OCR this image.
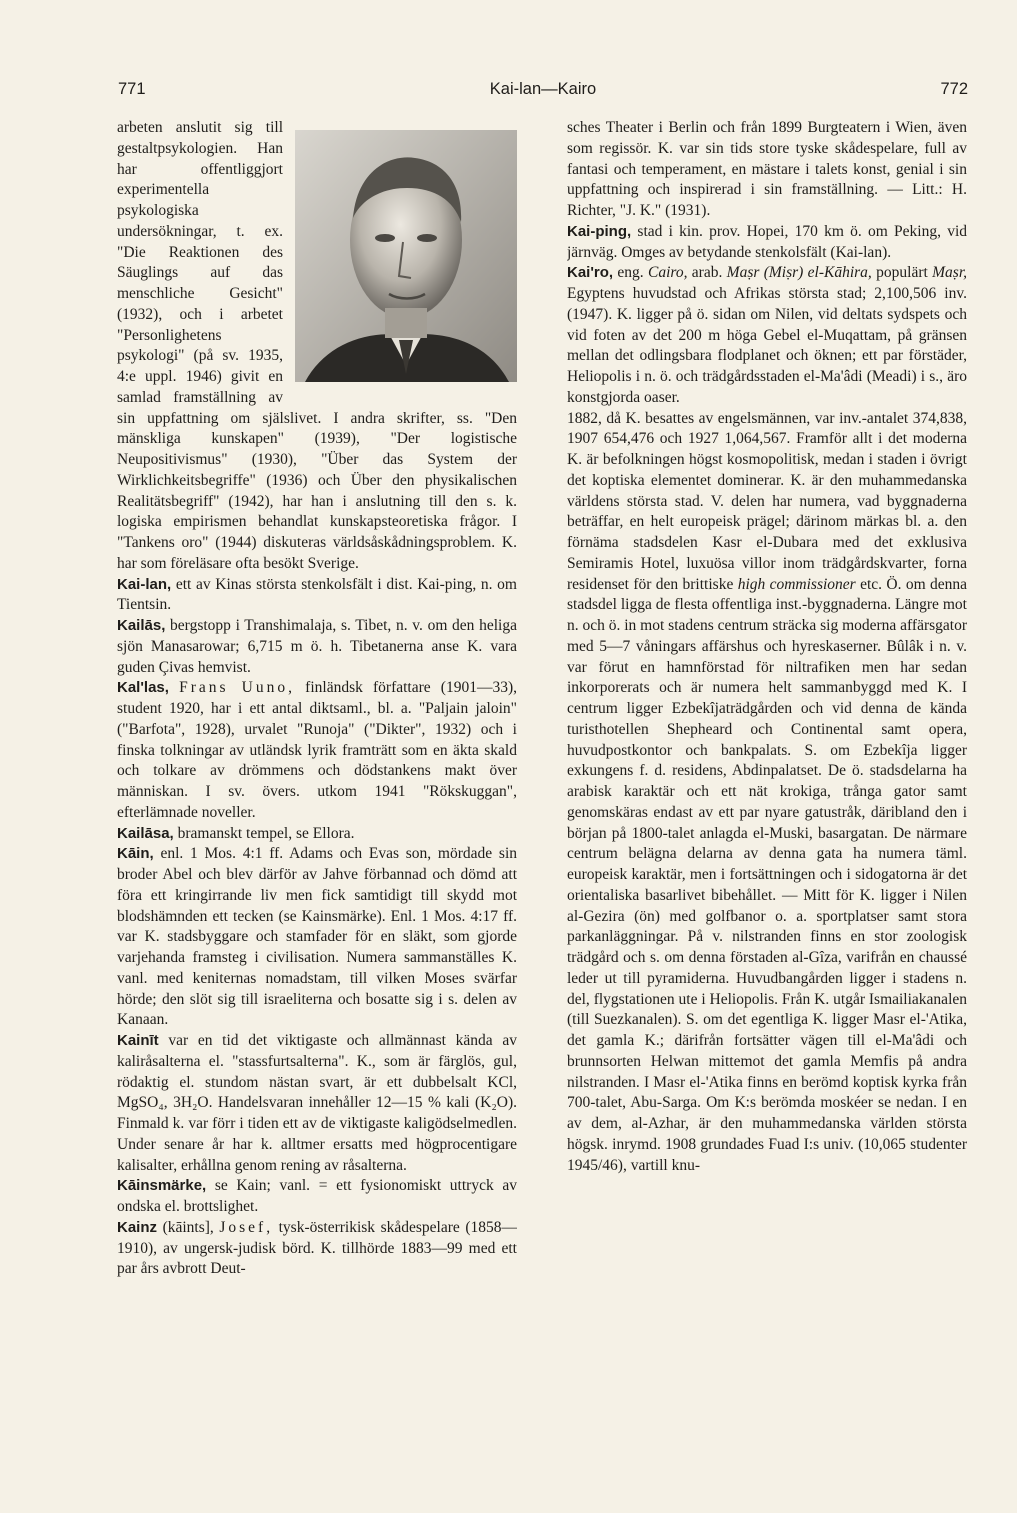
771	Kai-lan—Kairo	772

arbeten anslutit sig till gestaltpsykologien. Han har offentliggjort experimentella psykologiska undersökningar, t. ex. "Die Reaktionen des Säuglings auf das menschliche Gesicht" (1932), och i arbetet "Personlighetens psykologi" (på sv. 1935, 4:e uppl. 1946) givit en samlad framställning av sin uppfattning om själslivet. I andra skrifter, ss. "Den mänskliga kunskapen" (1939), "Der logistische Neupositivismus" (1930), "Über das System der Wirklichkeitsbegriffe" (1936) och Über den physikalischen Realitätsbegriff" (1942), har han i anslutning till den s. k. logiska empirismen behandlat kunskapsteoretiska frågor. I "Tankens oro" (1944) diskuteras världsåskådningsproblem. K. har som föreläsare ofta besökt Sverige.

Kai-lan, ett av Kinas största stenkolsfält i dist. Kai-ping, n. om Tientsin.

Kailās, bergstopp i Transhimalaja, s. Tibet, n. v. om den heliga sjön Manasarowar; 6,715 m ö. h. Tibetanerna anse K. vara guden Çivas hemvist.

Kal'las, Frans Uuno, finländsk författare (1901—33), student 1920, har i ett antal diktsaml., bl. a. "Paljain jaloin" ("Barfota", 1928), urvalet "Runoja" ("Dikter", 1932) och i finska tolkningar av utländsk lyrik framträtt som en äkta skald och tolkare av drömmens och dödstankens makt över människan. I sv. övers. utkom 1941 "Rökskuggan", efterlämnade noveller.

Kailāsa, bramanskt tempel, se Ellora.

Kāin, enl. 1 Mos. 4:1 ff. Adams och Evas son, mördade sin broder Abel och blev därför av Jahve förbannad och dömd att föra ett kringirrande liv men fick samtidigt till skydd mot blodshämnden ett tecken (se Kainsmärke). Enl. 1 Mos. 4:17 ff. var K. stadsbyggare och stamfader för en släkt, som gjorde varjehanda framsteg i civilisation. Numera sammanställes K. vanl. med keniternas nomadstam, till vilken Moses svärfar hörde; den slöt sig till israeliterna och bosatte sig i s. delen av Kanaan.

Kainīt var en tid det viktigaste och allmännast kända av kaliråsalterna el. "stassfurtsalterna". K., som är färglös, gul, rödaktig el. stundom nästan svart, är ett dubbelsalt KCl, MgSO₄, 3H₂O. Handelsvaran innehåller 12—15 % kali (K₂O). Finmald k. var förr i tiden ett av de viktigaste kaligödselmedlen. Under senare år har k. alltmer ersatts med högprocentigare kalisalter, erhållna genom rening av råsalterna.

Kāinsmärke, se Kain; vanl. = ett fysionomiskt uttryck av ondska el. brottslighet.

Kainz (kāints], Josef, tysk-österrikisk skådespelare (1858—1910), av ungersk-judisk börd. K. tillhörde 1883—99 med ett par års avbrott Deut-

sches Theater i Berlin och från 1899 Burgteatern i Wien, även som regissör. K. var sin tids store tyske skådespelare, full av fantasi och temperament, en mästare i talets konst, genial i sin uppfattning och inspirerad i sin framställning. — Litt.: H. Richter, "J. K." (1931).

Kai-ping, stad i kin. prov. Hopei, 170 km ö. om Peking, vid järnväg. Omges av betydande stenkolsfält (Kai-lan).

Kai'ro, eng. Cairo, arab. Maṣr (Miṣr) el-Kāhira, populärt Maṣr, Egyptens huvudstad och Afrikas största stad; 2,100,506 inv. (1947). K. ligger på ö. sidan om Nilen, vid deltats sydspets och vid foten av det 200 m höga Gebel el-Muqattam, på gränsen mellan det odlingsbara flodplanet och öknen; ett par förstäder, Heliopolis i n. ö. och trädgårdsstaden el-Ma'âdi (Meadi) i s., äro konstgjorda oaser.

1882, då K. besattes av engelsmännen, var inv.-antalet 374,838, 1907 654,476 och 1927 1,064,567. Framför allt i det moderna K. är befolkningen högst kosmopolitisk, medan i staden i övrigt det koptiska elementet dominerar. K. är den muhammedanska världens största stad. V. delen har numera, vad byggnaderna beträffar, en helt europeisk prägel; därinom märkas bl. a. den förnäma stadsdelen Kasr el-Dubara med det exklusiva Semiramis Hotel, luxuösa villor inom trädgårdskvarter, forna residenset för den brittiske high commissioner etc. Ö. om denna stadsdel ligga de flesta offentliga inst.-byggnaderna. Längre mot n. och ö. in mot stadens centrum sträcka sig moderna affärsgator med 5—7 våningars affärshus och hyreskaserner. Bûlâk i n. v. var förut en hamnförstad för niltrafiken men har sedan inkorporerats och är numera helt sammanbyggd med K. I centrum ligger Ezbekîjaträdgården och vid denna de kända turisthotellen Shepheard och Continental samt opera, huvudpostkontor och bankpalats. S. om Ezbekîja ligger exkungens f. d. residens, Abdinpalatset. De ö. stadsdelarna ha arabisk karaktär och ett nät krokiga, trånga gator samt genomskäras endast av ett par nyare gatustråk, däribland den i början på 1800-talet anlagda el-Muski, basargatan. De närmare centrum belägna delarna av denna gata ha numera täml. europeisk karaktär, men i fortsättningen och i sidogatorna är det orientaliska basarlivet bibehållet. — Mitt för K. ligger i Nilen al-Gezira (ön) med golfbanor o. a. sportplatser samt stora parkanläggningar. På v. nilstranden finns en stor zoologisk trädgård och s. om denna förstaden al-Gîza, varifrån en chaussé leder ut till pyramiderna. Huvudbangården ligger i stadens n. del, flygstationen ute i Heliopolis. Från K. utgår Ismailiakanalen (till Suezkanalen). S. om det egentliga K. ligger Masr el-'Atika, det gamla K.; därifrån fortsätter vägen till el-Ma'âdi och brunnsorten Helwan mittemot det gamla Memfis på andra nilstranden. I Masr el-'Atika finns en berömd koptisk kyrka från 700-talet, Abu-Sarga. Om K:s berömda moskéer se nedan. I en av dem, al-Azhar, är den muhammedanska världen största högsk. inrymd. 1908 grundades Fuad I:s univ. (10,065 studenter 1945/46), vartill knu-
